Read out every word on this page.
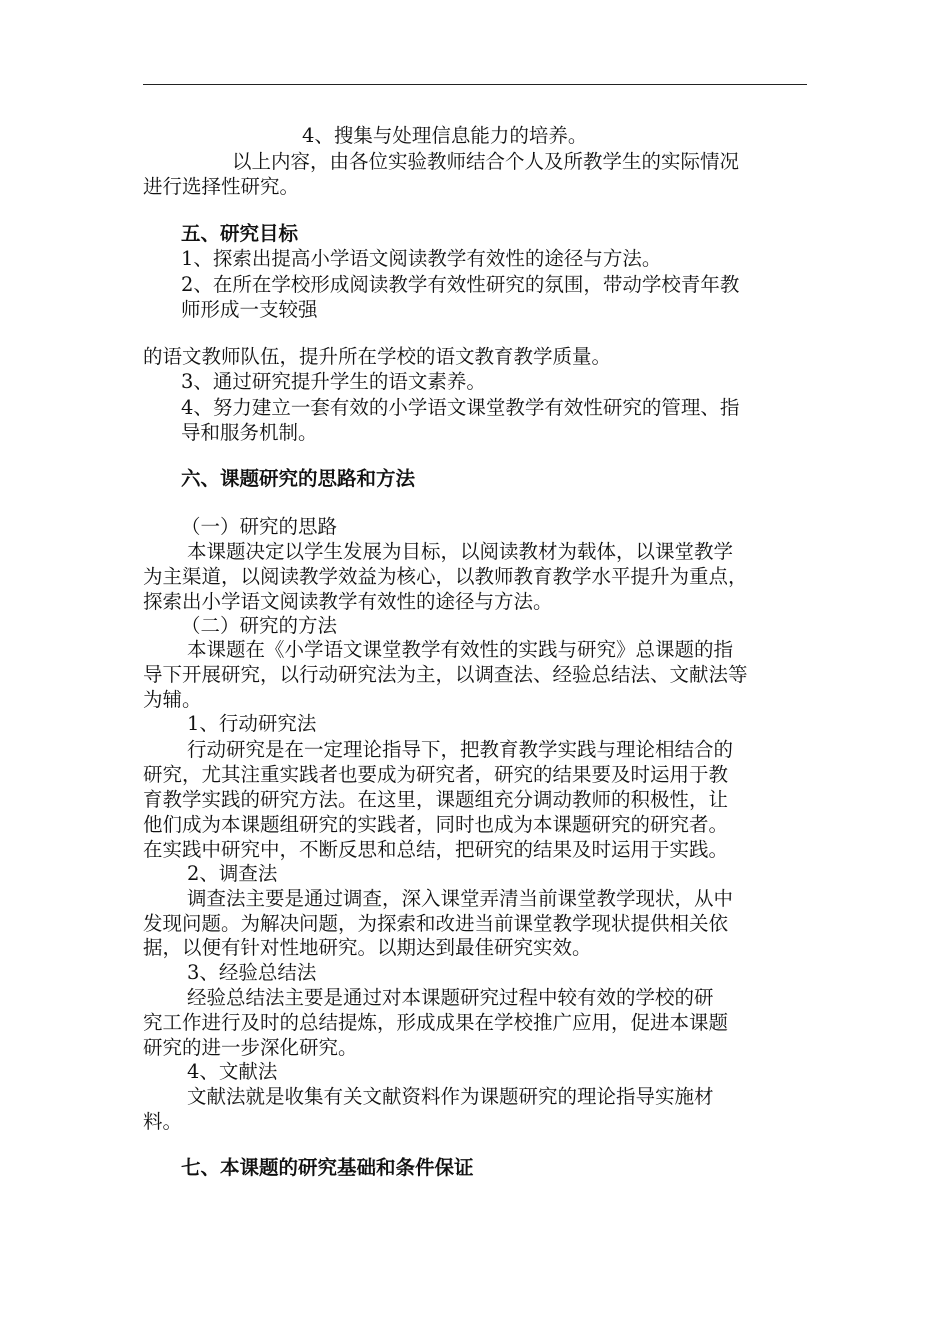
4、搜集与处理信息能力的培养。

以上内容，由各位实验教师结合个人及所教学生的实际情况

进行选择性研究。

五、研究目标

1、探索出提高小学语文阅读教学有效性的途径与方法。

2、在所在学校形成阅读教学有效性研究的氛围，带动学校青年教

师形成一支较强

的语文教师队伍，提升所在学校的语文教育教学质量。

3、通过研究提升学生的语文素养。

4、努力建立一套有效的小学语文课堂教学有效性研究的管理、指

导和服务机制。

六、课题研究的思路和方法

（一）研究的思路

本课题决定以学生发展为目标，以阅读教材为载体，以课堂教学

为主渠道，以阅读教学效益为核心，以教师教育教学水平提升为重点，

探索出小学语文阅读教学有效性的途径与方法。

（二）研究的方法

本课题在《小学语文课堂教学有效性的实践与研究》总课题的指

导下开展研究，以行动研究法为主，以调查法、经验总结法、文献法等

为辅。

1、行动研究法

行动研究是在一定理论指导下，把教育教学实践与理论相结合的

研究，尤其注重实践者也要成为研究者，研究的结果要及时运用于教

育教学实践的研究方法。在这里，课题组充分调动教师的积极性，让

他们成为本课题组研究的实践者，同时也成为本课题研究的研究者。

在实践中研究中，不断反思和总结，把研究的结果及时运用于实践。

2、调查法

调查法主要是通过调查，深入课堂弄清当前课堂教学现状，从中

发现问题。为解决问题，为探索和改进当前课堂教学现状提供相关依

据，以便有针对性地研究。以期达到最佳研究实效。

3、经验总结法

经验总结法主要是通过对本课题研究过程中较有效的学校的研

究工作进行及时的总结提炼，形成成果在学校推广应用，促进本课题

研究的进一步深化研究。

4、文献法

文献法就是收集有关文献资料作为课题研究的理论指导实施材

料。

七、本课题的研究基础和条件保证
